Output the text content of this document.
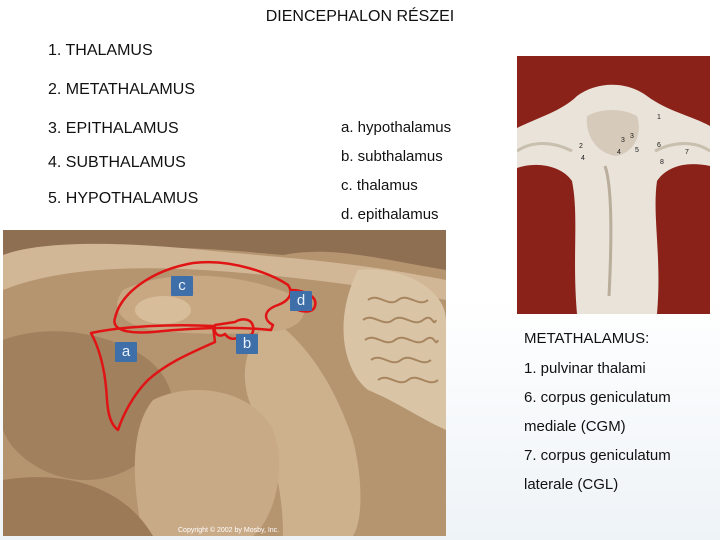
DIENCEPHALON RÉSZEI
1. THALAMUS
2. METATHALAMUS
3. EPITHALAMUS
4. SUBTHALAMUS
5. HYPOTHALAMUS
a. hypothalamus
b. subthalamus
c. thalamus
d. epithalamus
Copyright © 2002 by Mosby, Inc.
c
d
a	b
1
2
3
3
4
4 5
6
7
8
METATHALAMUS:
1. pulvinar thalami
6. corpus geniculatum
mediale (CGM)
7. corpus geniculatum
laterale (CGL)
